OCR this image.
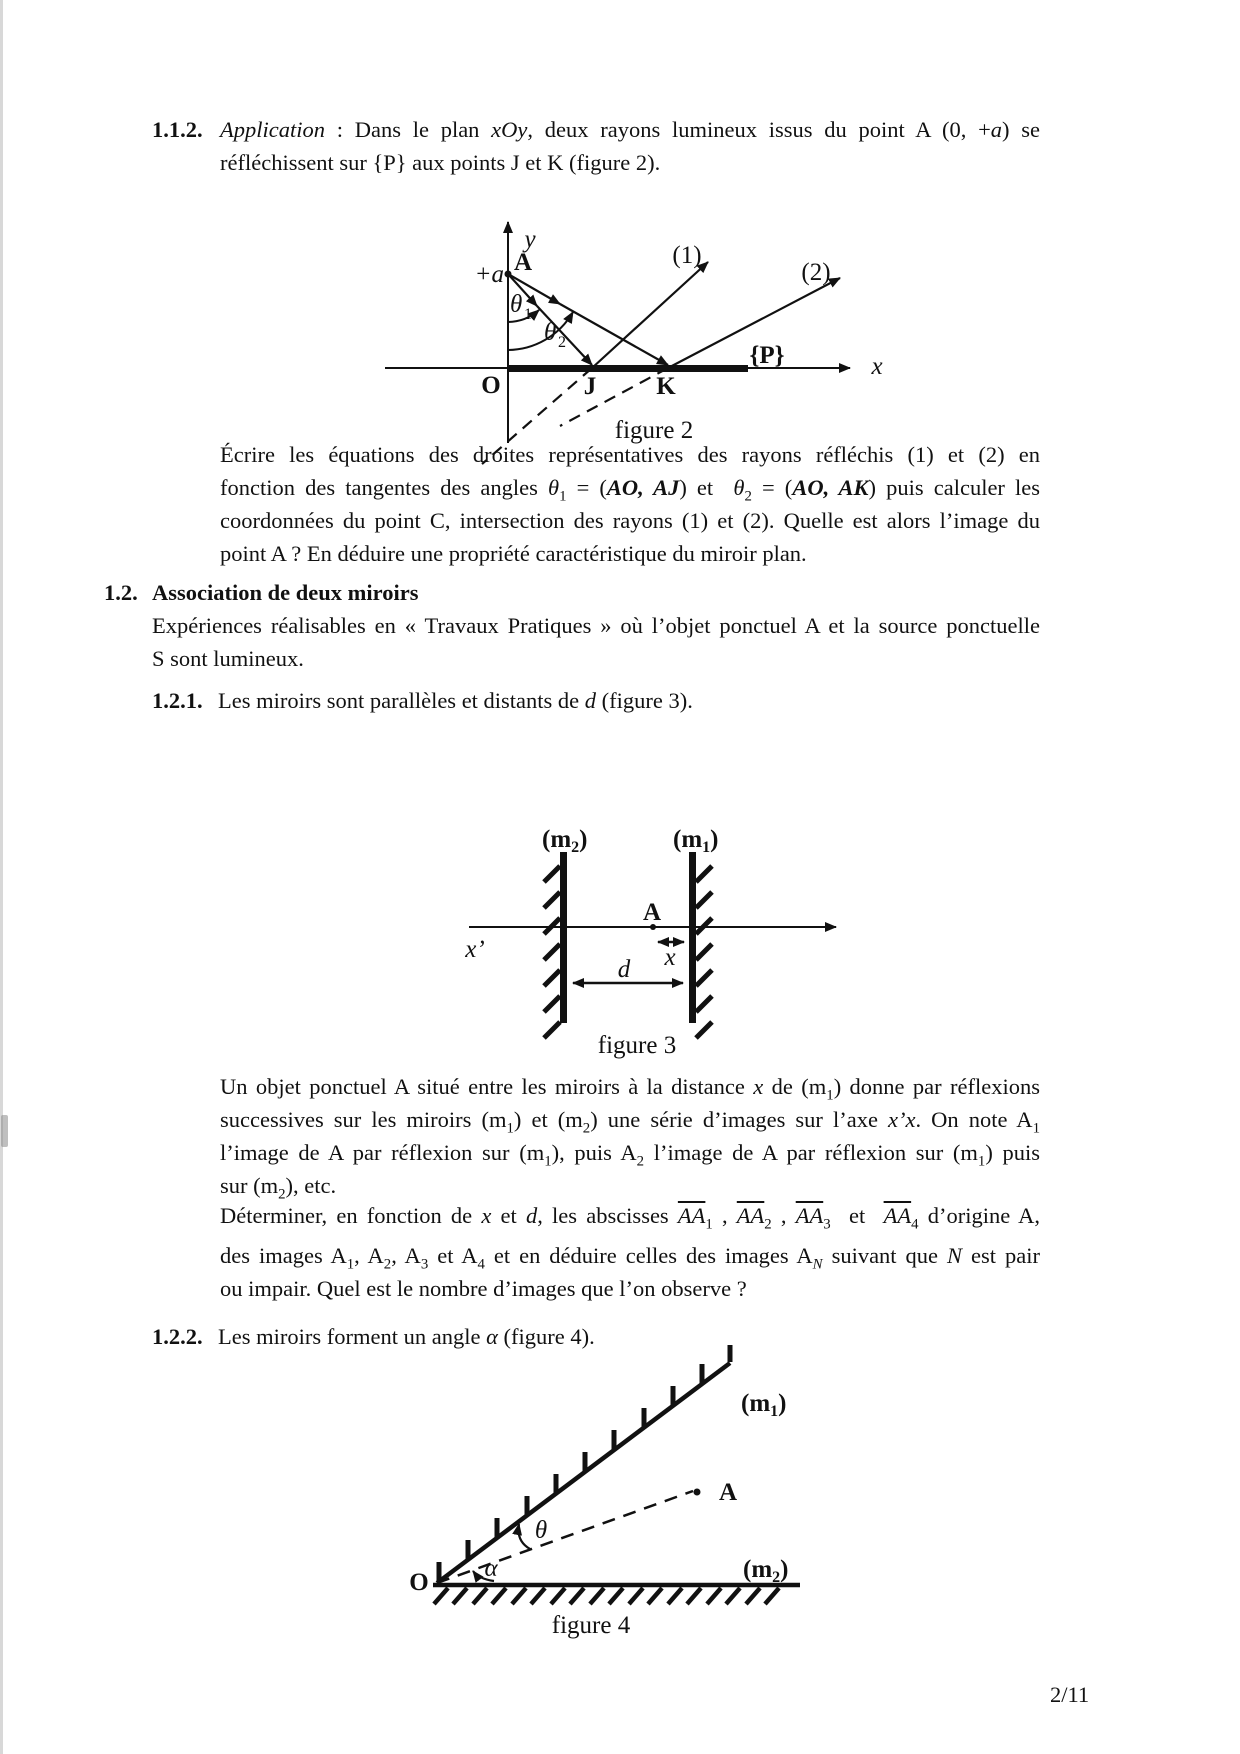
1.1.2. Application : Dans le plan xOy, deux rayons lumineux issus du point A (0, +a) se
réfléchissent sur {P} aux points J et K (figure 2).
y
A
+a
θ 1
θ 2
(1)
(2)
{P}	x
O	J K
figure 2
Écrire les équations des droites représentatives des rayons réfléchis (1) et (2) en
fonction des tangentes des angles $\theta_1 = (AO$, AJ) et  $\theta_2 = (AO$, AK) puis calculer les
coordonnées du point C, intersection des rayons (1) et (2). Quelle est alors l’image du
point A ? En déduire une propriété caractéristique du miroir plan.
1.2. Association de deux miroirs
Expériences réalisables en « Travaux Pratiques » où l’objet ponctuel A et la source ponctuelle
S sont lumineux.
1.2.1. Les miroirs sont parallèles et distants de d (figure 3).
$(m_2)$	$(m_1)$
A
x’	x
d
figure 3
Un objet ponctuel A situé entre les miroirs à la distance x de $(m_1)$ donne par réflexions
successives sur les miroirs $(m_1)$ et $(m_2)$ une série d’images sur l’axe x’x. On note $A_1$
l’image de A par réflexion sur $(m_1)$, puis $A_2$ l’image de A par réflexion sur $(m_1)$ puis
sur $(m_2)$, etc.
Déterminer, en fonction de x et d, les abscisses $\overline{AA}_1$ , $\overline{AA}_2$ , $\overline{AA}_3$  et  $\overline{AA}_4$ d’origine A,
des images $A_1$, $A_2$, $A_3$ et $A_4$ et en déduire celles des images $A_N$ suivant que N est pair
ou impair. Quel est le nombre d’images que l’on observe ?
1.2.2. Les miroirs forment un angle α (figure 4).
$(m_1)$
$(m_2)$
A
O
θ
α
figure 4
2/11
